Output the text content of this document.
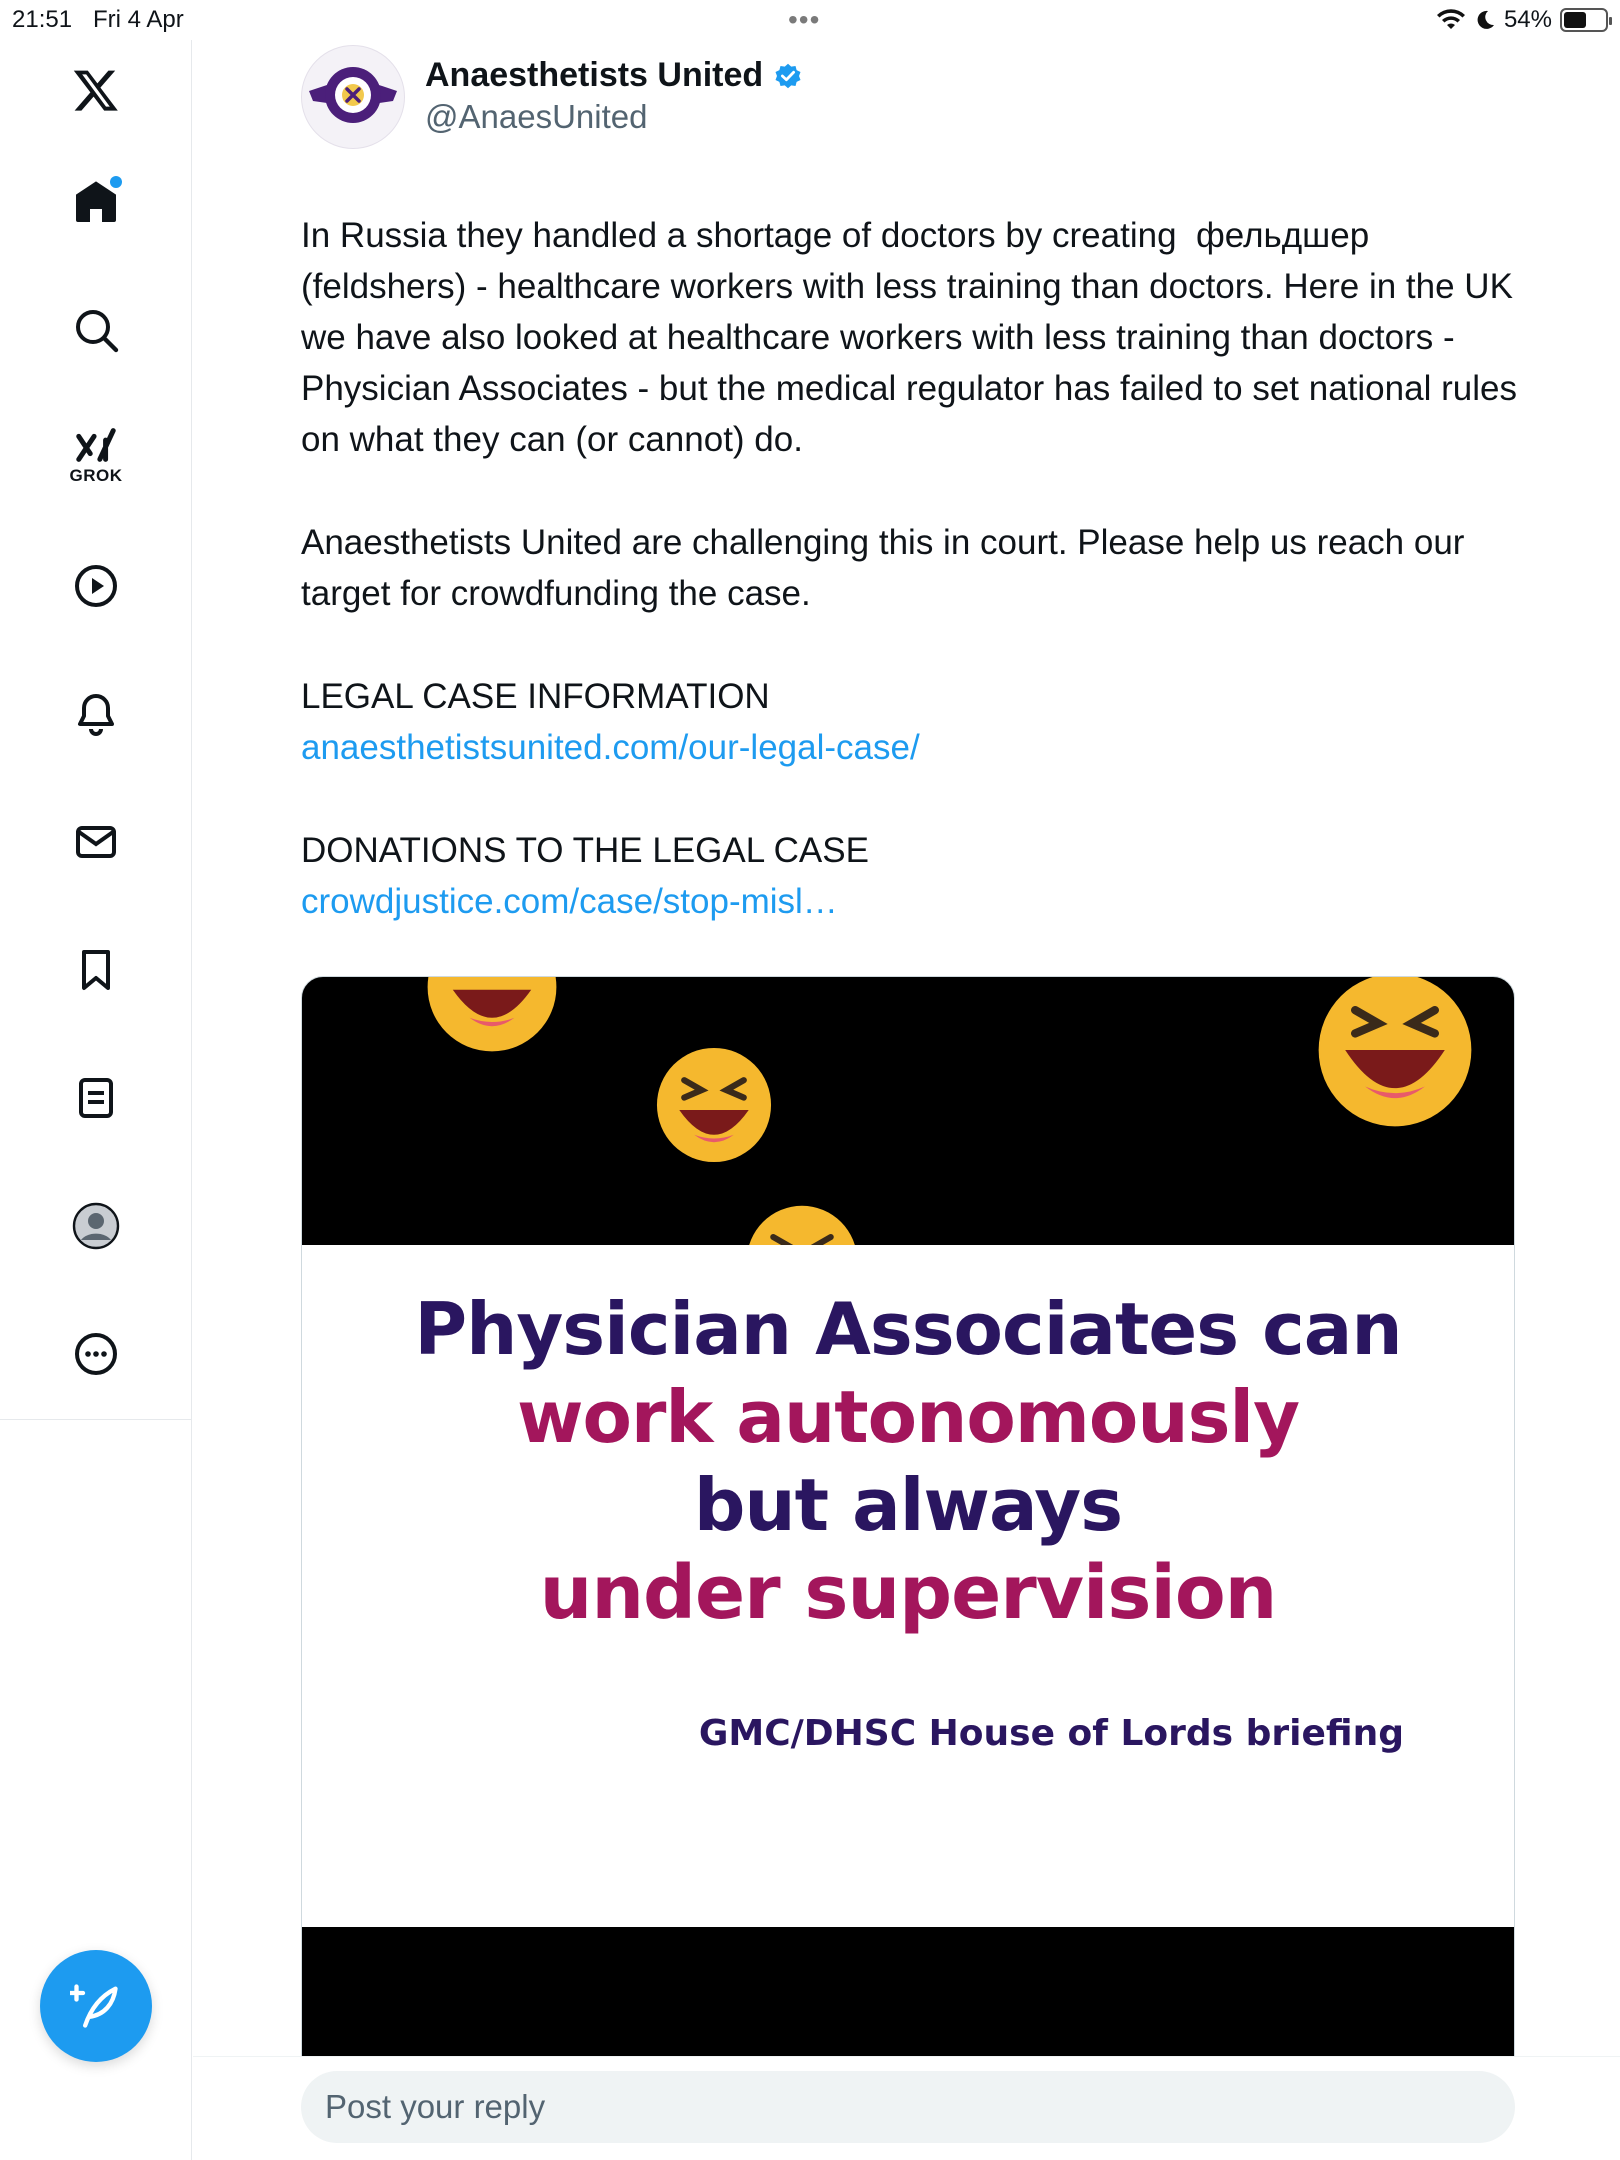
21:51 Fri 4 Apr	•••	54%
GROK
Anaesthetists United
@AnaesUnited
In Russia they handled a shortage of doctors by creating  фельдшер (feldshers) - healthcare workers with less training than doctors. Here in the UK we have also looked at healthcare workers with less training than doctors - Physician Associates - but the medical regulator has failed to set national rules on what they can (or cannot) do.
Anaesthetists United are challenging this in court. Please help us reach our target for crowdfunding the case.
LEGAL CASE INFORMATION
anaesthetistsunited.com/our-legal-case/
DONATIONS TO THE LEGAL CASE
crowdjustice.com/case/stop-misl…
Physician Associates can
work autonomously
but always
under supervision
GMC/DHSC House of Lords briefing
Post your reply
